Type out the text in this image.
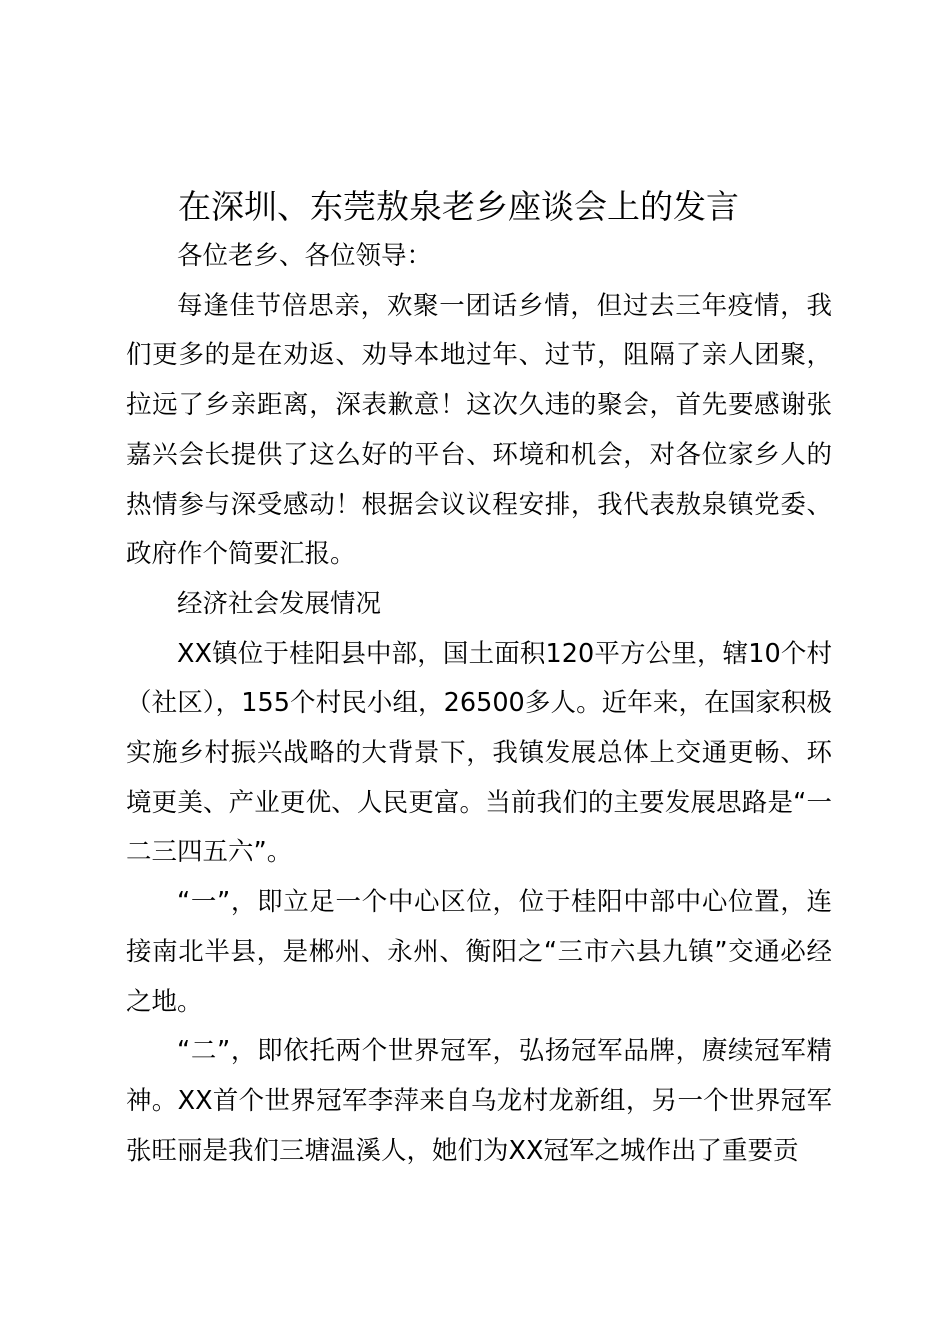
在深圳、东莞敖泉老乡座谈会上的发言

各位老乡、各位领导：

每逢佳节倍思亲，欢聚一团话乡情，但过去三年疫情，我们更多的是在劝返、劝导本地过年、过节，阻隔了亲人团聚，拉远了乡亲距离，深表歉意！这次久违的聚会，首先要感谢张嘉兴会长提供了这么好的平台、环境和机会，对各位家乡人的热情参与深受感动！根据会议议程安排，我代表敖泉镇党委、政府作个简要汇报。

经济社会发展情况

XX镇位于桂阳县中部，国土面积120平方公里，辖10个村（社区），155个村民小组，26500多人。近年来，在国家积极实施乡村振兴战略的大背景下，我镇发展总体上交通更畅、环境更美、产业更优、人民更富。当前我们的主要发展思路是“一二三四五六”。

“一”，即立足一个中心区位，位于桂阳中部中心位置，连接南北半县，是郴州、永州、衡阳之“三市六县九镇”交通必经之地。

“二”，即依托两个世界冠军，弘扬冠军品牌，赓续冠军精神。XX首个世界冠军李萍来自乌龙村龙新组，另一个世界冠军张旺丽是我们三塘温溪人，她们为XX冠军之城作出了重要贡
